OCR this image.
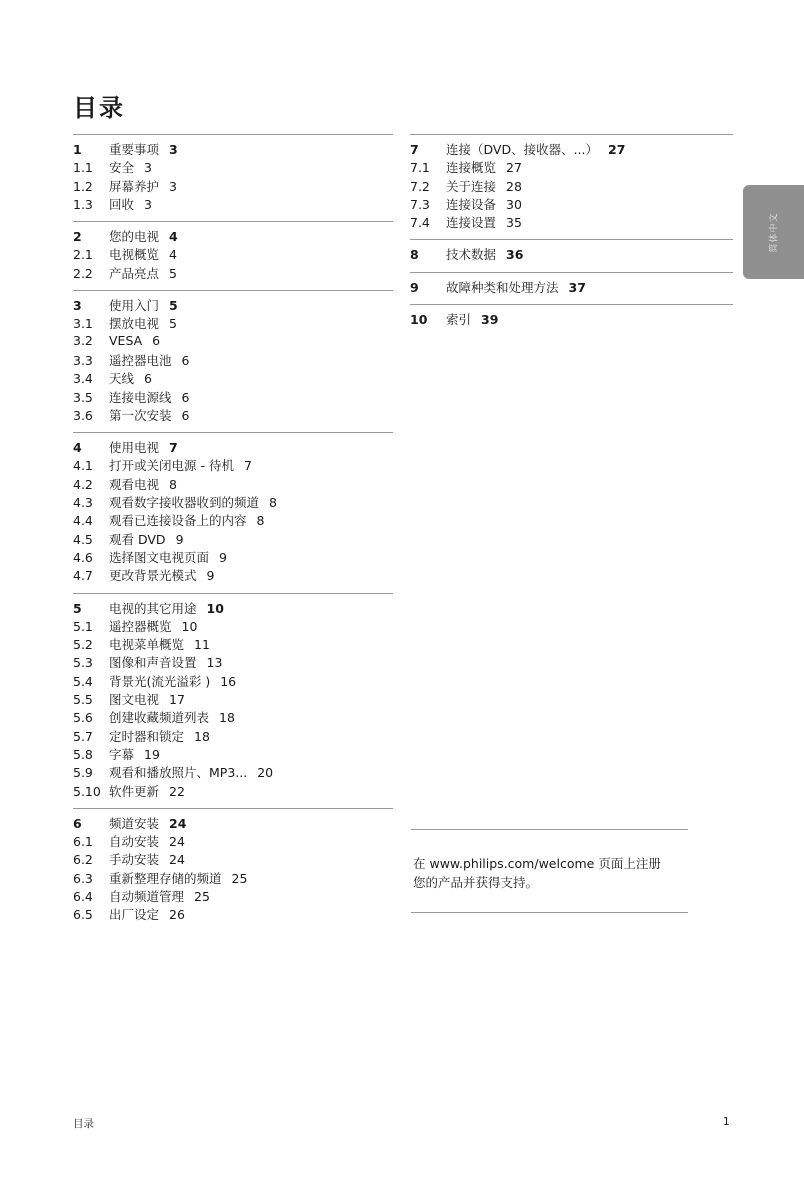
目录
1	重要事项 3
1.1	安全 3
1.2	屏幕养护 3
1.3	回收 3
2	您的电视 4
2.1	电视概览 4
2.2	产品亮点 5
3	使用入门 5
3.1	摆放电视 5
3.2	VESA 6
3.3	遥控器电池 6
3.4	天线 6
3.5	连接电源线 6
3.6	第一次安装 6
4	使用电视 7
4.1	打开或关闭电源 - 待机 7
4.2	观看电视 8
4.3	观看数字接收器收到的频道 8
4.4	观看已连接设备上的内容 8
4.5	观看 DVD 9
4.6	选择图文电视页面 9
4.7	更改背景光模式 9
5	电视的其它用途 10
5.1	遥控器概览 10
5.2	电视菜单概览 11
5.3	图像和声音设置 13
5.4	背景光(流光溢彩 ) 16
5.5	图文电视 17
5.6	创建收藏频道列表 18
5.7	定时器和锁定 18
5.8	字幕 19
5.9	观看和播放照片、MP3... 20
5.10 软件更新 22
6	频道安装 24
6.1	自动安装 24
6.2	手动安装 24
6.3	重新整理存储的频道 25
6.4	自动频道管理 25
6.5	出厂设定 26
7	连接（DVD、接收器、...） 27
7.1	连接概览 27
7.2	关于连接 28
7.3	连接设备 30
7.4	连接设置 35
8	技术数据 36
9	故障种类和处理方法 37
10	索引 39
简体中文
在 www.philips.com/welcome 页面上注册
您的产品并获得支持。
目录	1
